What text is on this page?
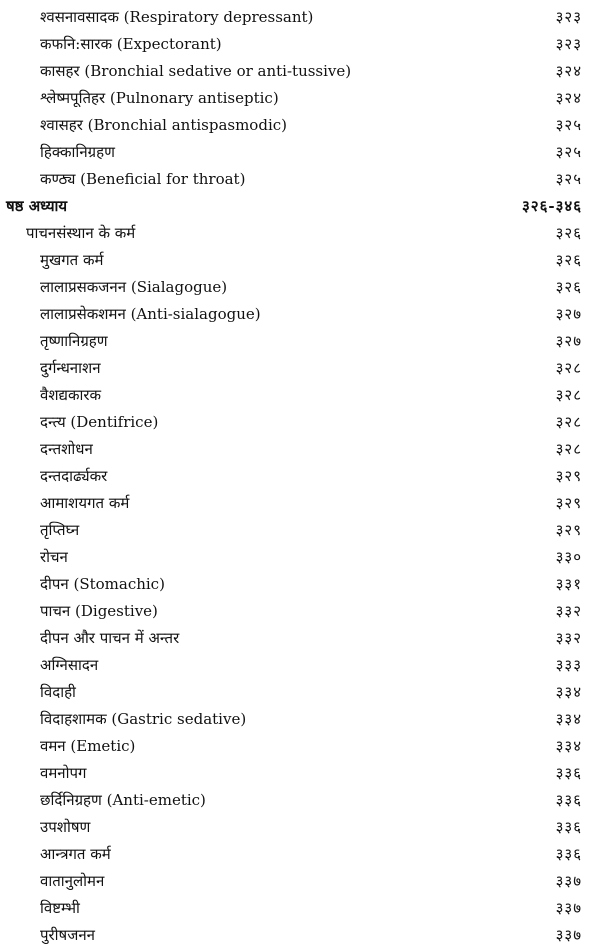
श्वसनावसादक (Respiratory depressant)	३२३
कफनि:सारक (Expectorant)	३२३
कासहर (Bronchial sedative or anti-tussive)	३२४
श्लेष्मपूतिहर (Pulnonary antiseptic)	३२४
श्वासहर (Bronchial antispasmodic)	३२५
हिक्कानिग्रहण	३२५
कण्ठ्य (Beneficial for throat)	३२५
षष्ठ अध्याय	३२६-३४६
पाचनसंस्थान के कर्म	३२६
मुखगत कर्म	३२६
लालाप्रसकजनन (Sialagogue)	३२६
लालाप्रसेकशमन (Anti-sialagogue)	३२७
तृष्णानिग्रहण	३२७
दुर्गन्धनाशन	३२८
वैशद्यकारक	३२८
दन्त्य (Dentifrice)	३२८
दन्तशोधन	३२८
दन्तदार्ढ्यकर	३२९
आमाशयगत कर्म	३२९
तृप्तिघ्न	३२९
रोचन	३३०
दीपन (Stomachic)	३३१
पाचन (Digestive)	३३२
दीपन और पाचन में अन्तर	३३२
अग्निसादन	३३३
विदाही	३३४
विदाहशामक (Gastric sedative)	३३४
वमन (Emetic)	३३४
वमनोपग	३३६
छर्दिनिग्रहण (Anti-emetic)	३३६
उपशोषण	३३६
आन्त्रगत कर्म	३३६
वातानुलोमन	३३७
विष्टम्भी	३३७
पुरीषजनन	३३७
